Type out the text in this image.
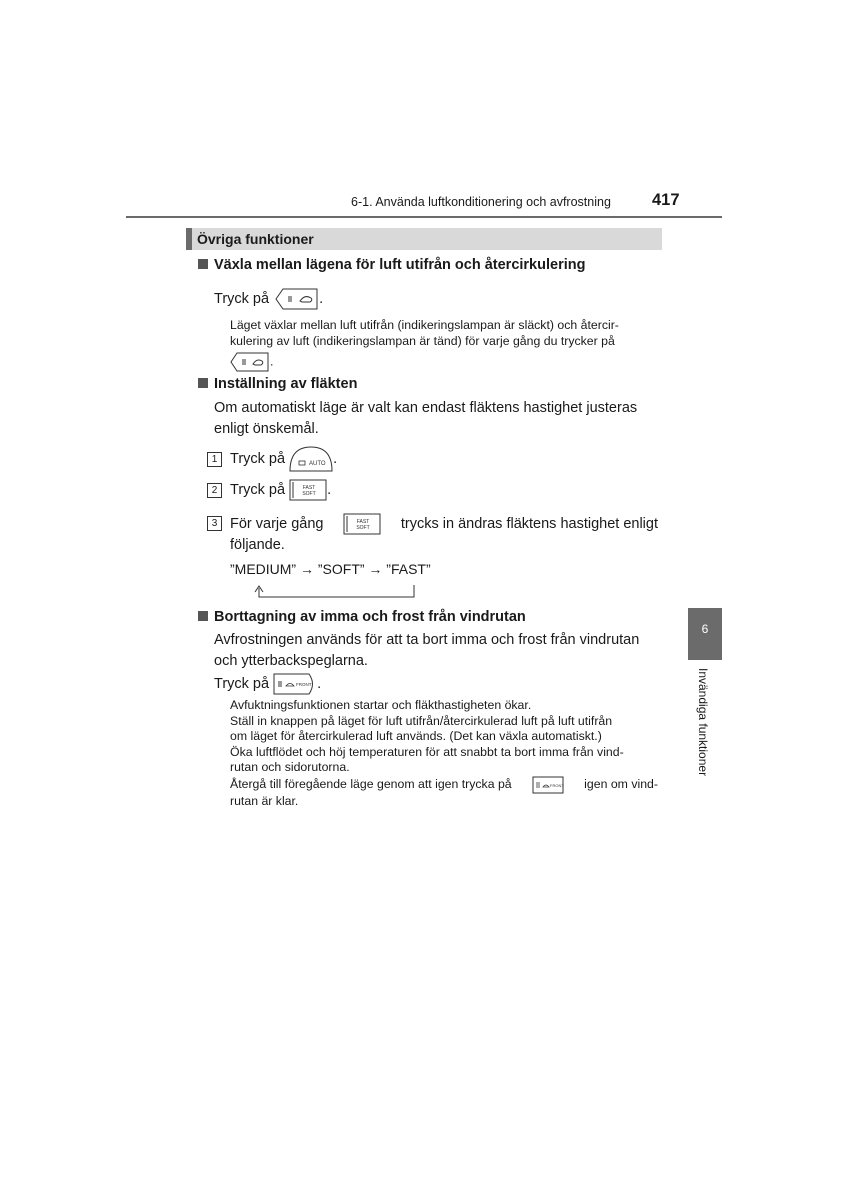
6-1. Använda luftkonditionering och avfrostning 417
Övriga funktioner
Växla mellan lägena för luft utifrån och återcirkulering
Tryck på	.
Läget växlar mellan luft utifrån (indikeringslampan är släckt) och återcir-
kulering av luft (indikeringslampan är tänd) för varje gång du trycker på
.
Inställning av fläkten
Om automatiskt läge är valt kan endast fläktens hastighet justeras
enligt önskemål.
1 Tryck på	AUTO .
2 Tryck på	FAST
SOFT .
3 För varje gång	FAST
SOFT trycks in ändras fläktens hastighet enligt
följande.
”MEDIUM” → ”SOFT” → ”FAST”
Borttagning av imma och frost från vindrutan
Avfrostningen används för att ta bort imma och frost från vindrutan
och ytterbackspeglarna.
Tryck på	FRONT .
Avfuktningsfunktionen startar och fläkthastigheten ökar.
Ställ in knappen på läget för luft utifrån/återcirkulerad luft på luft utifrån
om läget för återcirkulerad luft används. (Det kan växla automatiskt.)
Öka luftflödet och höj temperaturen för att snabbt ta bort imma från vind-
rutan och sidorutorna.
Återgå till föregående läge genom att igen trycka på	FRONT igen om vind-
rutan är klar.
6
Invändiga funktioner
